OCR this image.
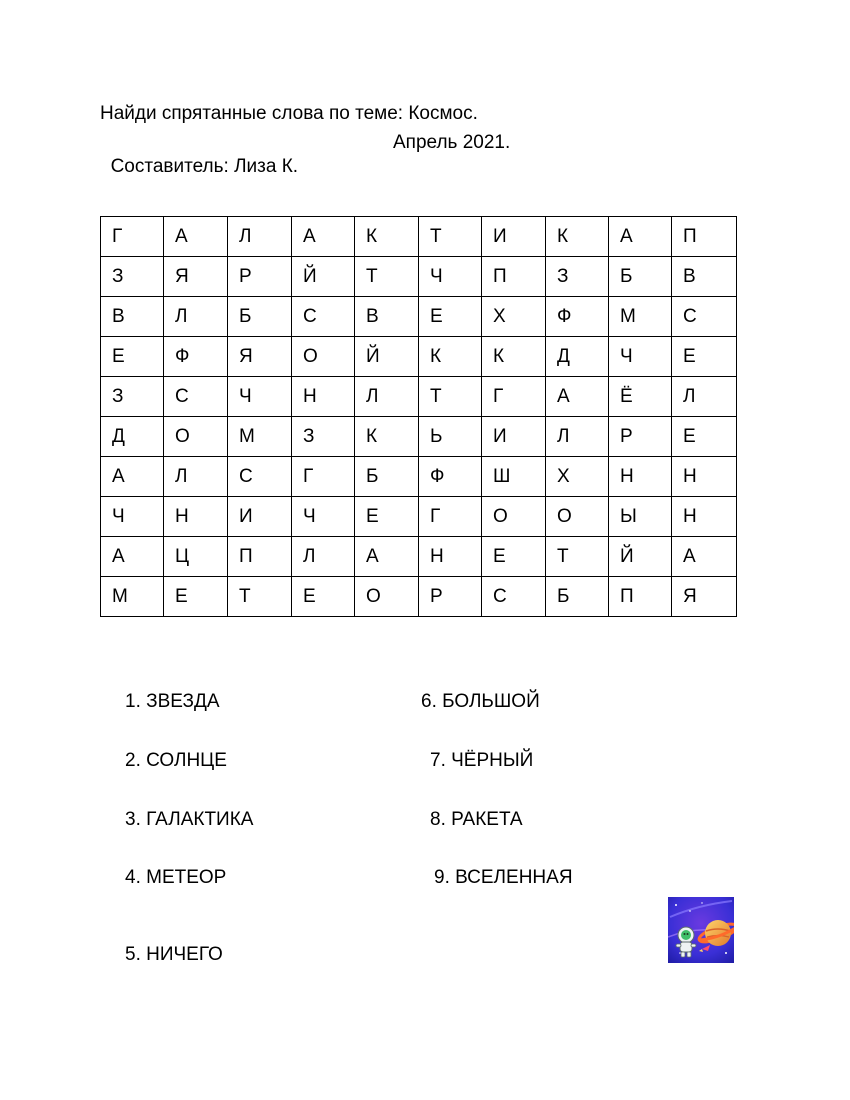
Найди спрятанные слова по теме: Космос.

Составитель: Лиза К.

Апрель 2021.

Г	А	Л	А	К	Т	И	К	А	П
З	Я	Р	Й	Т	Ч	П	З	Б	В
В	Л	Б	С	В	Е	Х	Ф	М	С
Е	Ф	Я	О	Й	К	К	Д	Ч	Е
З	С	Ч	Н	Л	Т	Г	А	Ё	Л
Д	О	М	З	К	Ь	И	Л	Р	Е
А	Л	С	Г	Б	Ф	Ш	Х	Н	Н
Ч	Н	И	Ч	Е	Г	О	О	Ы	Н
А	Ц	П	Л	А	Н	Е	Т	Й	А
М	Е	Т	Е	О	Р	С	Б	П	Я
1. ЗВЕЗДА
2. СОЛНЦЕ
3. ГАЛАКТИКА
4. МЕТЕОР
5. НИЧЕГО
6. БОЛЬШОЙ
7. ЧЁРНЫЙ
8. РАКЕТА
9. ВСЕЛЕННАЯ
